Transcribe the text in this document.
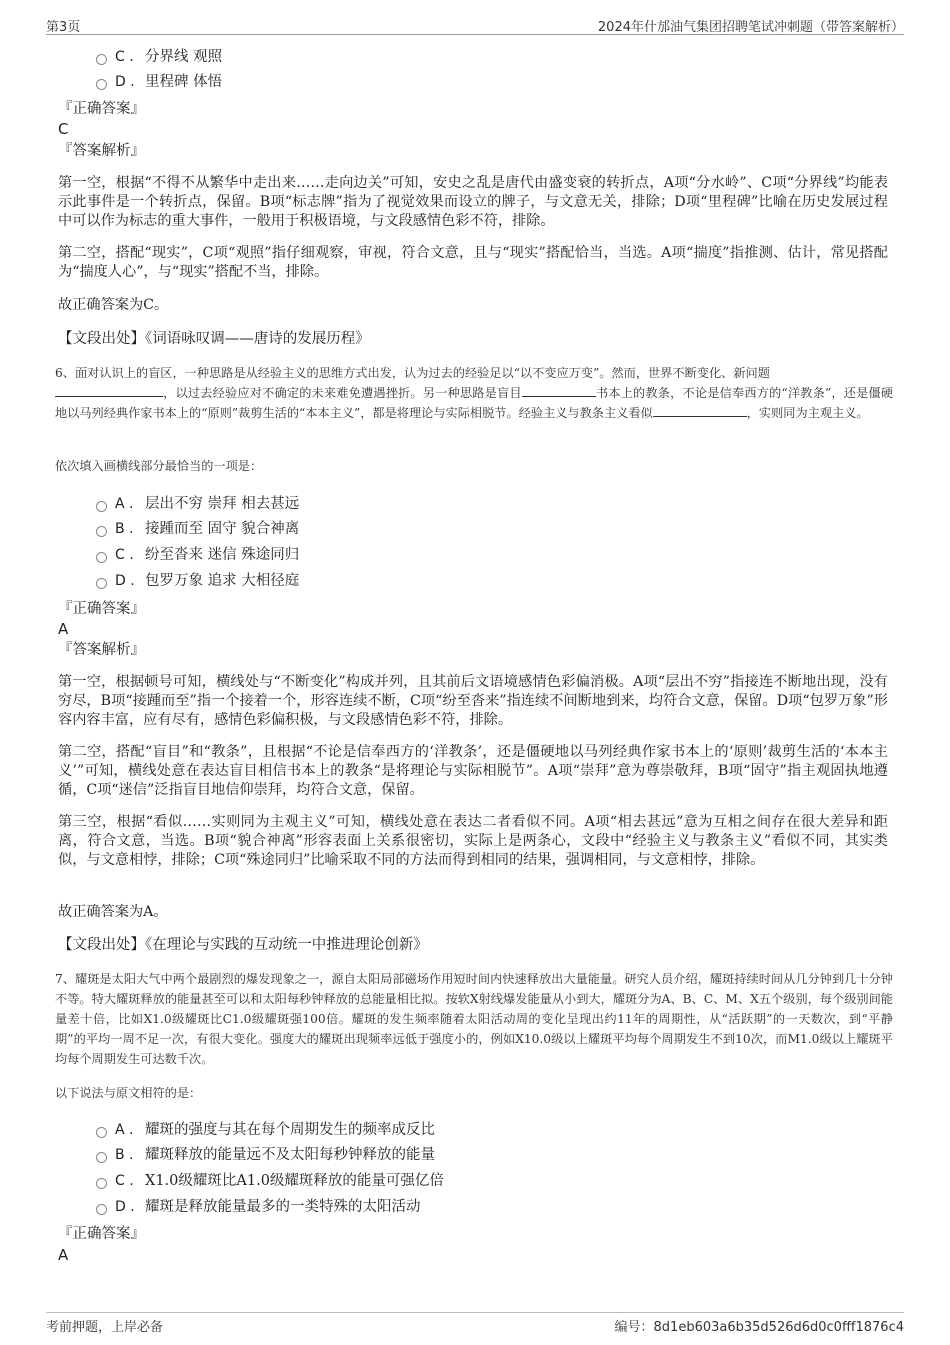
第3页	2024年什邡油气集团招聘笔试冲刺题（带答案解析）
C . 分界线 观照
D . 里程碑 体悟
『正确答案』
C
『答案解析』
第一空，根据“不得不从繁华中走出来……走向边关”可知，安史之乱是唐代由盛变衰的转折点，A项“分水岭”、C项“分界线”均能表示此事件是一个转折点，保留。B项“标志牌”指为了视觉效果而设立的牌子，与文意无关，排除；D项“里程碑”比喻在历史发展过程中可以作为标志的重大事件，一般用于积极语境，与文段感情色彩不符，排除。
第二空，搭配“现实”，C项“观照”指仔细观察，审视，符合文意，且与“现实”搭配恰当，当选。A项“揣度”指推测、估计，常见搭配为“揣度人心”，与“现实”搭配不当，排除。
故正确答案为C。
【文段出处】《词语咏叹调——唐诗的发展历程》
6、面对认识上的盲区，一种思路是从经验主义的思维方式出发，认为过去的经验足以“以不变应万变”。然而，世界不断变化、新问题
，以过去经验应对不确定的未来难免遭遇挫折。另一种思路是盲目	书本上的教条，不论是信奉西方的“洋教条”，还是僵硬地以马列经典作家书本上的“原则”裁剪生活的“本本主义”，都是将理论与实际相脱节。经验主义与教条主义看似	，实则同为主观主义。
依次填入画横线部分最恰当的一项是：
A . 层出不穷 崇拜 相去甚远
B . 接踵而至 固守 貌合神离
C . 纷至沓来 迷信 殊途同归
D . 包罗万象 追求 大相径庭
『正确答案』
A
『答案解析』
第一空，根据顿号可知，横线处与“不断变化”构成并列，且其前后文语境感情色彩偏消极。A项“层出不穷”指接连不断地出现，没有穷尽，B项“接踵而至”指一个接着一个，形容连续不断，C项“纷至沓来”指连续不间断地到来，均符合文意，保留。D项“包罗万象”形容内容丰富，应有尽有，感情色彩偏积极，与文段感情色彩不符，排除。
第二空，搭配“盲目”和“教条”，且根据“不论是信奉西方的‘洋教条’，还是僵硬地以马列经典作家书本上的‘原则’裁剪生活的‘本本主义’”可知，横线处意在表达盲目相信书本上的教条“是将理论与实际相脱节”。A项“崇拜”意为尊崇敬拜，B项“固守”指主观固执地遵循，C项“迷信”泛指盲目地信仰崇拜，均符合文意，保留。
第三空，根据“看似……实则同为主观主义”可知，横线处意在表达二者看似不同。A项“相去甚远”意为互相之间存在很大差异和距离，符合文意，当选。B项“貌合神离”形容表面上关系很密切，实际上是两条心，文段中“经验主义与教条主义”看似不同，其实类似，与文意相悖，排除；C项“殊途同归”比喻采取不同的方法而得到相同的结果，强调相同，与文意相悖，排除。
故正确答案为A。
【文段出处】《在理论与实践的互动统一中推进理论创新》
7、耀斑是太阳大气中两个最剧烈的爆发现象之一，源自太阳局部磁场作用短时间内快速释放出大量能量。研究人员介绍，耀斑持续时间从几分钟到几十分钟不等。特大耀斑释放的能量甚至可以和太阳每秒钟释放的总能量相比拟。按软X射线爆发能量从小到大，耀斑分为A、B、C、M、X五个级别，每个级别间能量差十倍，比如X1.0级耀斑比C1.0级耀斑强100倍。耀斑的发生频率随着太阳活动周的变化呈现出约11年的周期性，从“活跃期”的一天数次，到“平静期”的平均一周不足一次，有很大变化。强度大的耀斑出现频率远低于强度小的，例如X10.0级以上耀斑平均每个周期发生不到10次，而M1.0级以上耀斑平均每个周期发生可达数千次。
以下说法与原文相符的是：
A . 耀斑的强度与其在每个周期发生的频率成反比
B . 耀斑释放的能量远不及太阳每秒钟释放的能量
C . X1.0级耀斑比A1.0级耀斑释放的能量可强亿倍
D . 耀斑是释放能量最多的一类特殊的太阳活动
『正确答案』
A
考前押题，上岸必备	编号：8d1eb603a6b35d526d6d0c0fff1876c4
